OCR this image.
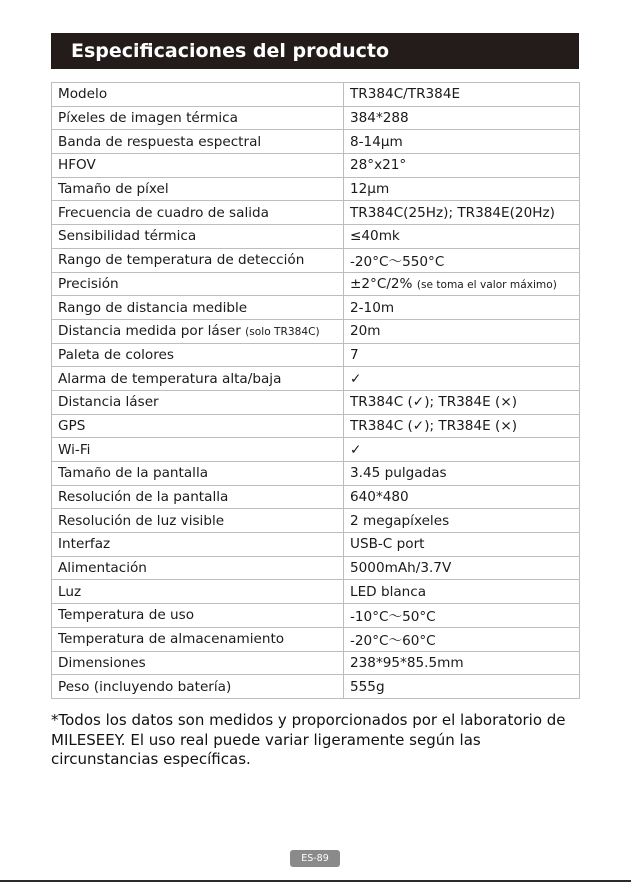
Especificaciones del producto
Modelo	TR384C/TR384E
Píxeles de imagen térmica	384*288
Banda de respuesta espectral	8-14μm
HFOV	28°x21°
Tamaño de píxel	12μm
Frecuencia de cuadro de salida	TR384C(25Hz); TR384E(20Hz)
Sensibilidad térmica	≤40mk
Rango de temperatura de detección	-20°C～550°C
Precisión	±2°C/2% (se toma el valor máximo)
Rango de distancia medible	2-10m
Distancia medida por láser (solo TR384C)	20m
Paleta de colores	7
Alarma de temperatura alta/baja	✓
Distancia láser	TR384C (✓); TR384E (×)
GPS	TR384C (✓); TR384E (×)
Wi-Fi	✓
Tamaño de la pantalla	3.45 pulgadas
Resolución de la pantalla	640*480
Resolución de luz visible	2 megapíxeles
Interfaz	USB-C port
Alimentación	5000mAh/3.7V
Luz	LED blanca
Temperatura de uso	-10°C～50°C
Temperatura de almacenamiento	-20°C～60°C
Dimensiones	238*95*85.5mm
Peso (incluyendo batería)	555g
*Todos los datos son medidos y proporcionados por el laboratorio de MILESEEY. El uso real puede variar ligeramente según las circunstancias específicas.
ES-89
